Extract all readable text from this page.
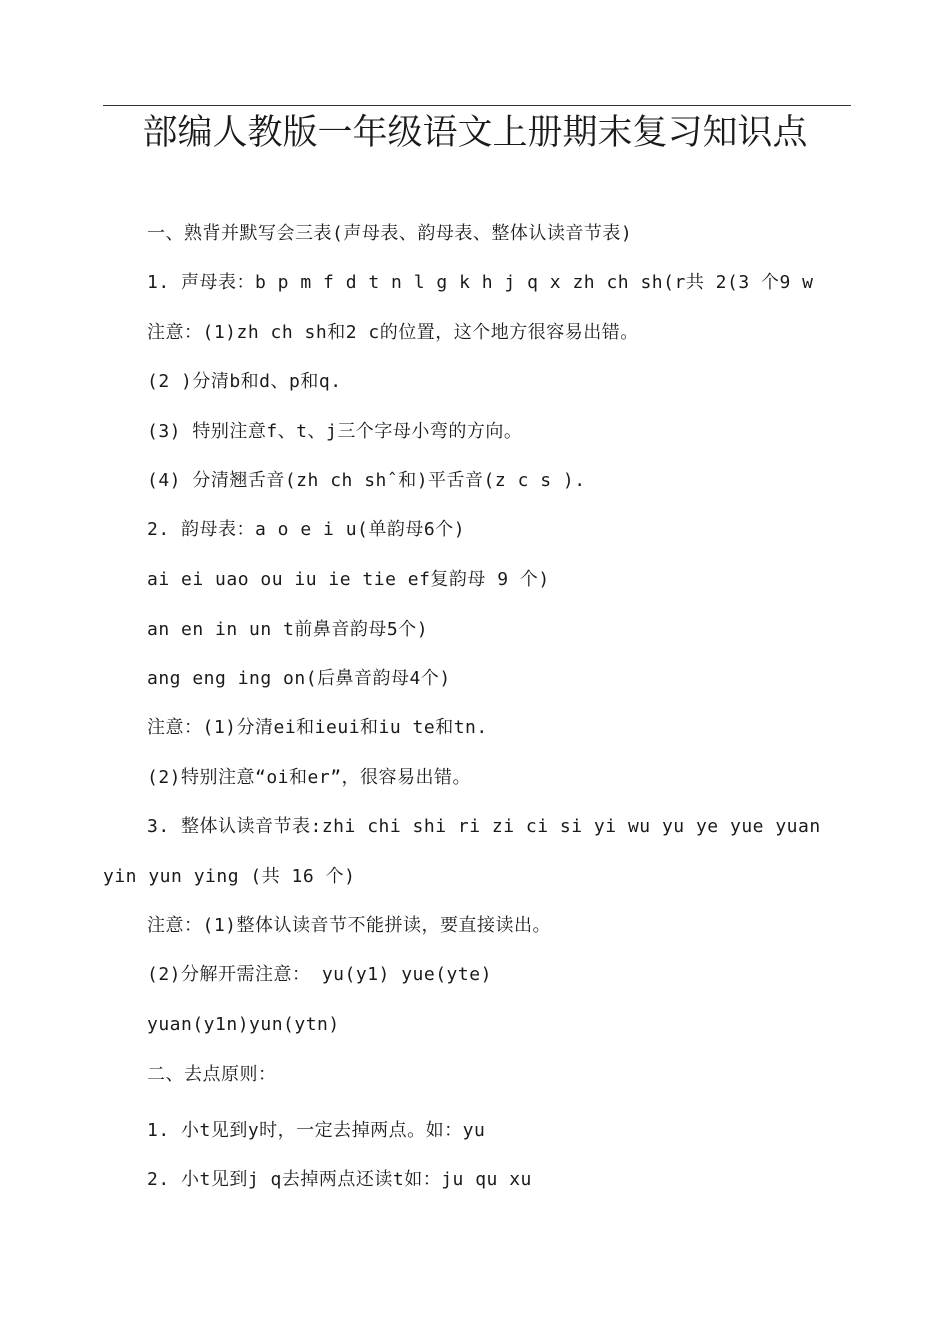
部编人教版一年级语文上册期末复习知识点
一、熟背并默写会三表(声母表、韵母表、整体认读音节表)
1. 声母表：b p m f d t n l g k h j q x zh ch sh(r共 2(3 个9 w
注意：(1)zh ch sh和2 c的位置，这个地方很容易出错。
(2 )分清b和d、p和q.
(3) 特别注意f、t、j三个字母小弯的方向。
(4) 分清翘舌音(zh ch shˆ和)平舌音(z c s ).
2. 韵母表：a o e i u(单韵母6个)
ai ei uao ou iu ie tie ef复韵母 9 个)
an en in un t前鼻音韵母5个)
ang eng ing on(后鼻音韵母4个)
注意：(1)分清ei和ieui和iu te和tn.
(2)特别注意“oi和er”，很容易出错。
3. 整体认读音节表:zhi chi shi ri zi ci si yi wu yu ye yue yuan
yin yun ying (共 16 个)
注意：(1)整体认读音节不能拼读，要直接读出。
(2)分解开需注意： yu(y1) yue(yte)
yuan(y1n)yun(ytn)
二、去点原则：
1. 小t见到y时，一定去掉两点。如：yu
2. 小t见到j q去掉两点还读t如：ju qu xu
